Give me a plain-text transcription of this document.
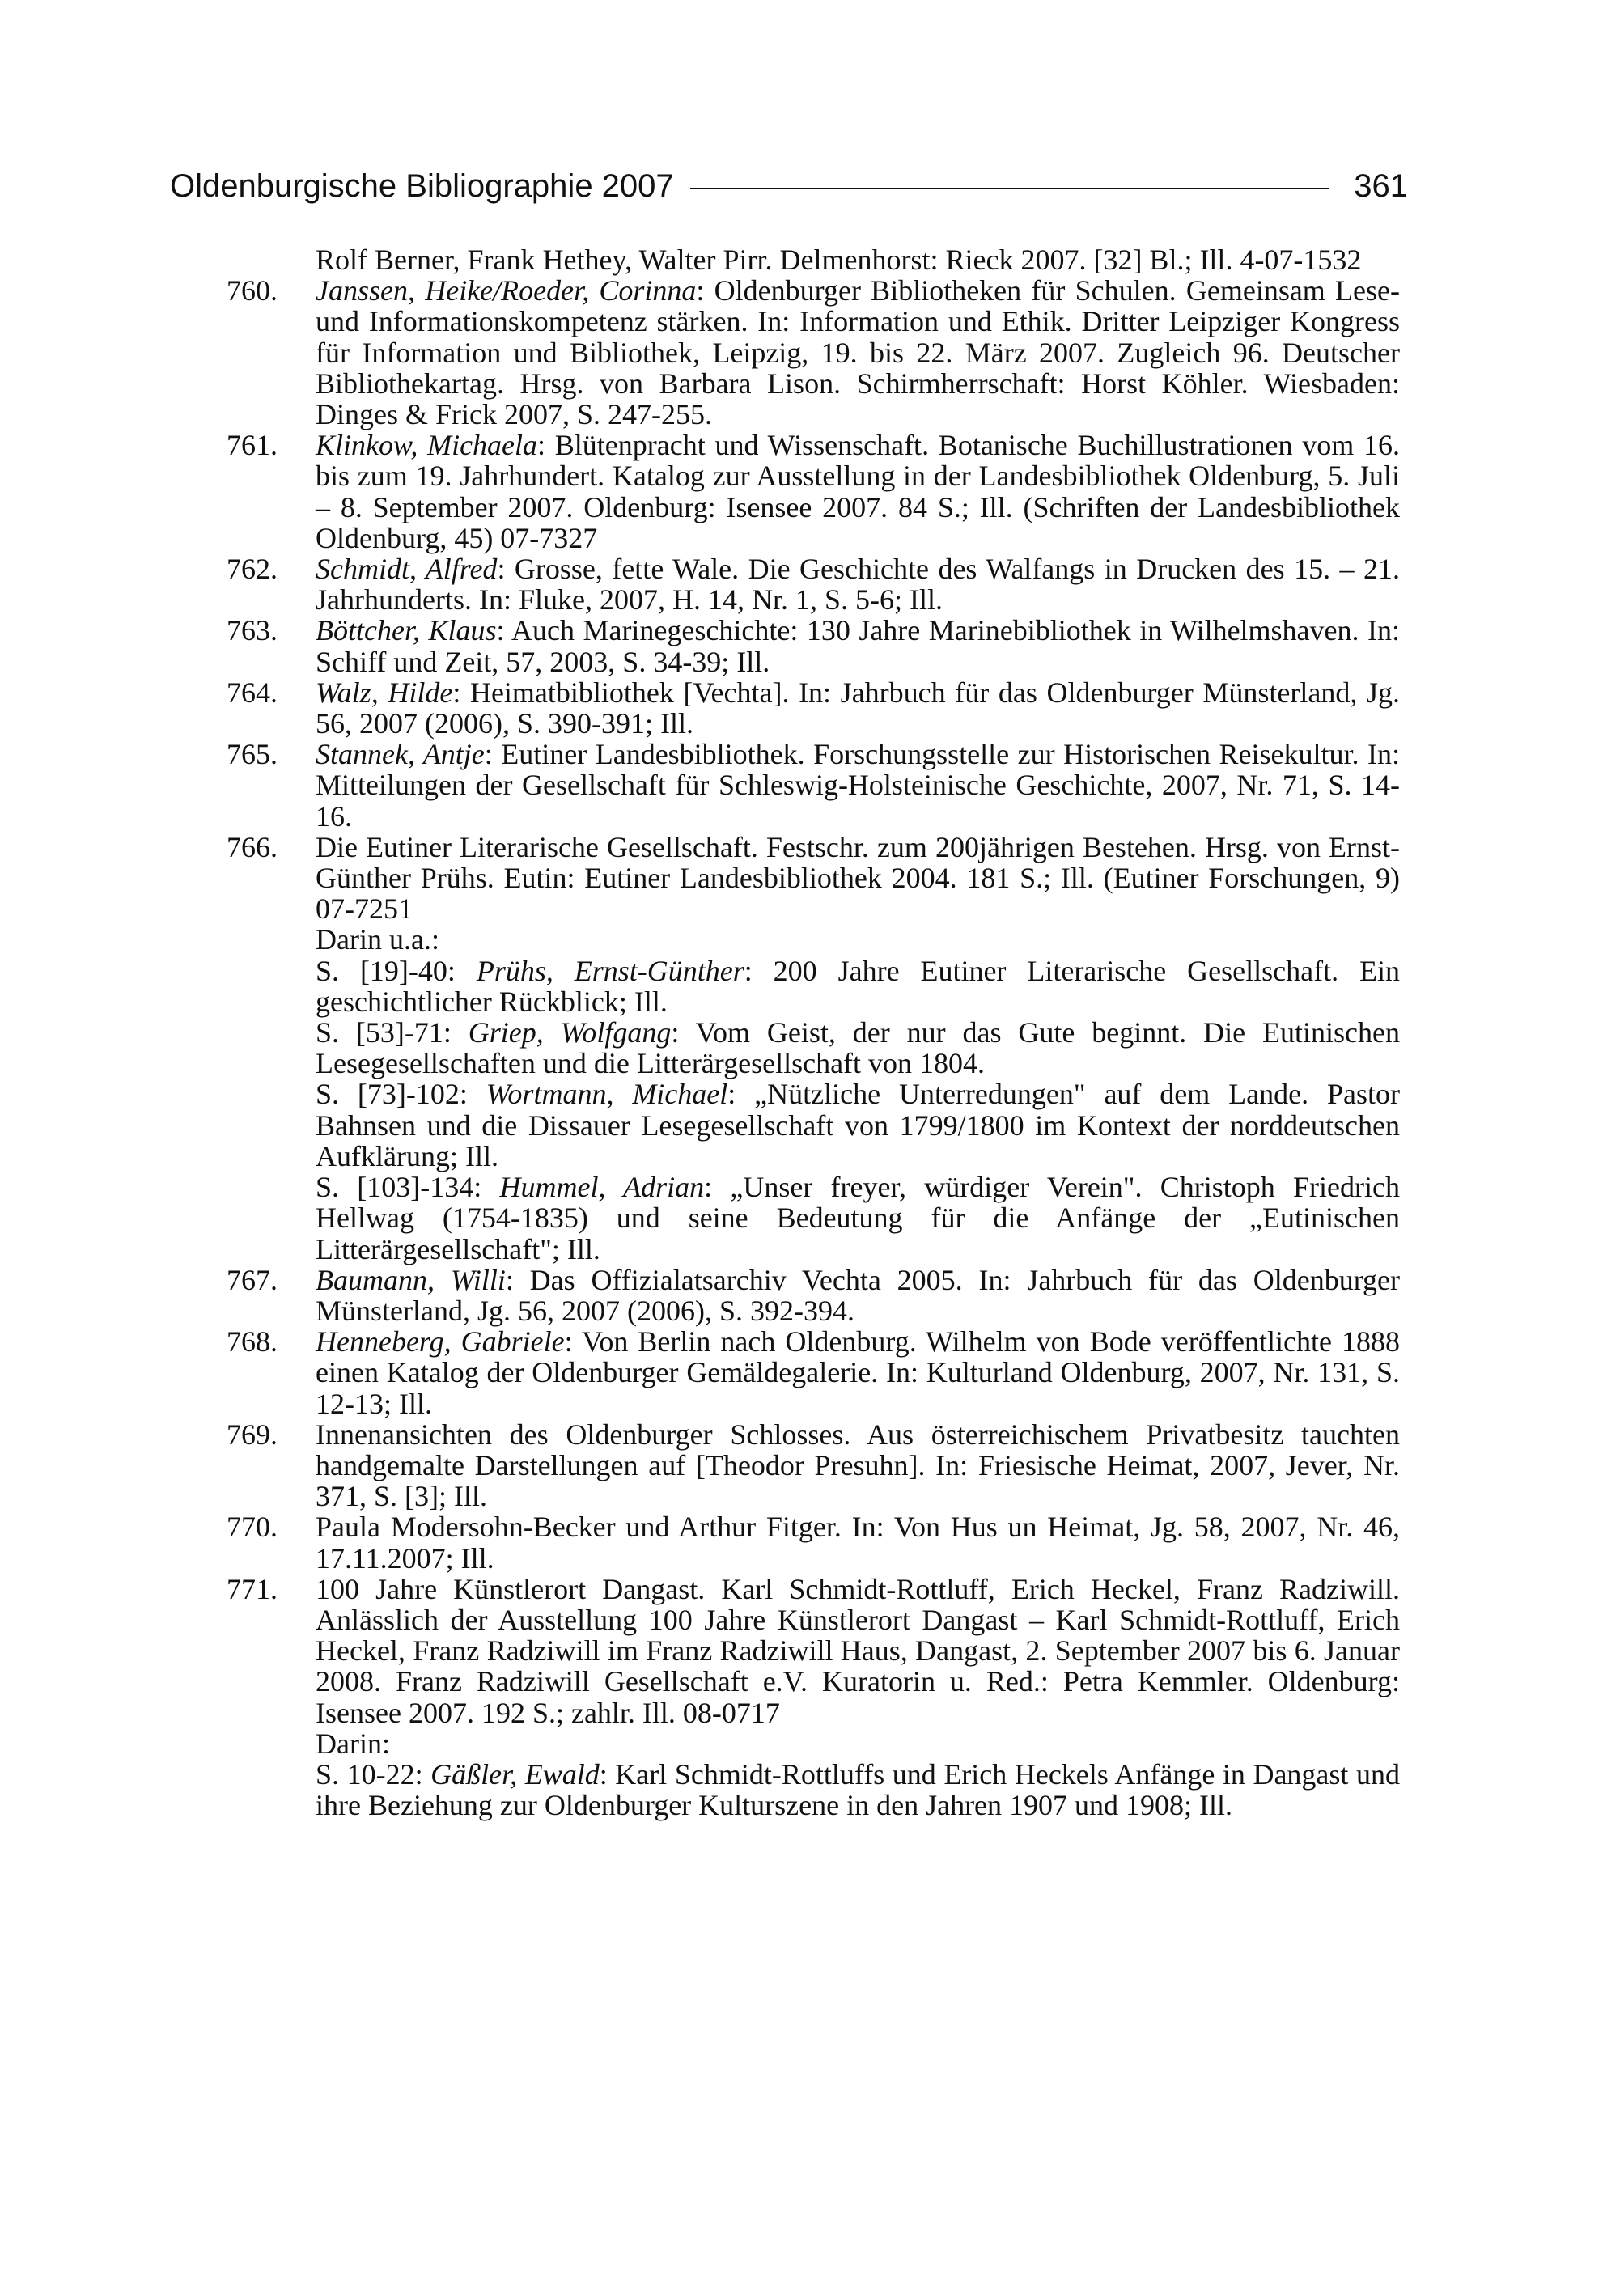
Oldenburgische Bibliographie 2007	361
Rolf Berner, Frank Hethey, Walter Pirr. Delmenhorst: Rieck 2007. [32] Bl.; Ill. 4-07-1532
760. Janssen, Heike/Roeder, Corinna: Oldenburger Bibliotheken für Schulen. Gemeinsam Lese- und Informationskompetenz stärken. In: Information und Ethik. Dritter Leipziger Kongress für Information und Bibliothek, Leipzig, 19. bis 22. März 2007. Zugleich 96. Deutscher Bibliothekartag. Hrsg. von Barbara Lison. Schirmherrschaft: Horst Köhler. Wiesbaden: Dinges & Frick 2007, S. 247-255.
761. Klinkow, Michaela: Blütenpracht und Wissenschaft. Botanische Buchillustrationen vom 16. bis zum 19. Jahrhundert. Katalog zur Ausstellung in der Landesbibliothek Oldenburg, 5. Juli – 8. September 2007. Oldenburg: Isensee 2007. 84 S.; Ill. (Schriften der Landesbibliothek Oldenburg, 45) 07-7327
762. Schmidt, Alfred: Grosse, fette Wale. Die Geschichte des Walfangs in Drucken des 15. – 21. Jahrhunderts. In: Fluke, 2007, H. 14, Nr. 1, S. 5-6; Ill.
763. Böttcher, Klaus: Auch Marinegeschichte: 130 Jahre Marinebibliothek in Wilhelmshaven. In: Schiff und Zeit, 57, 2003, S. 34-39; Ill.
764. Walz, Hilde: Heimatbibliothek [Vechta]. In: Jahrbuch für das Oldenburger Münsterland, Jg. 56, 2007 (2006), S. 390-391; Ill.
765. Stannek, Antje: Eutiner Landesbibliothek. Forschungsstelle zur Historischen Reisekultur. In: Mitteilungen der Gesellschaft für Schleswig-Holsteinische Geschichte, 2007, Nr. 71, S. 14-16.
766. Die Eutiner Literarische Gesellschaft. Festschr. zum 200jährigen Bestehen. Hrsg. von Ernst-Günther Prühs. Eutin: Eutiner Landesbibliothek 2004. 181 S.; Ill. (Eutiner Forschungen, 9) 07-7251
Darin u.a.:
S. [19]-40: Prühs, Ernst-Günther: 200 Jahre Eutiner Literarische Gesellschaft. Ein geschichtlicher Rückblick; Ill.
S. [53]-71: Griep, Wolfgang: Vom Geist, der nur das Gute beginnt. Die Eutinischen Lesegesellschaften und die Litterärgesellschaft von 1804.
S. [73]-102: Wortmann, Michael: „Nützliche Unterredungen" auf dem Lande. Pastor Bahnsen und die Dissauer Lesegesellschaft von 1799/1800 im Kontext der norddeutschen Aufklärung; Ill.
S. [103]-134: Hummel, Adrian: „Unser freyer, würdiger Verein". Christoph Friedrich Hellwag (1754-1835) und seine Bedeutung für die Anfänge der „Eutinischen Litterärgesellschaft"; Ill.
767. Baumann, Willi: Das Offizialatsarchiv Vechta 2005. In: Jahrbuch für das Oldenburger Münsterland, Jg. 56, 2007 (2006), S. 392-394.
768. Henneberg, Gabriele: Von Berlin nach Oldenburg. Wilhelm von Bode veröffentlichte 1888 einen Katalog der Oldenburger Gemäldegalerie. In: Kulturland Oldenburg, 2007, Nr. 131, S. 12-13; Ill.
769. Innenansichten des Oldenburger Schlosses. Aus österreichischem Privatbesitz tauchten handgemalte Darstellungen auf [Theodor Presuhn]. In: Friesische Heimat, 2007, Jever, Nr. 371, S. [3]; Ill.
770. Paula Modersohn-Becker und Arthur Fitger. In: Von Hus un Heimat, Jg. 58, 2007, Nr. 46, 17.11.2007; Ill.
771. 100 Jahre Künstlerort Dangast. Karl Schmidt-Rottluff, Erich Heckel, Franz Radziwill. Anlässlich der Ausstellung 100 Jahre Künstlerort Dangast – Karl Schmidt-Rottluff, Erich Heckel, Franz Radziwill im Franz Radziwill Haus, Dangast, 2. September 2007 bis 6. Januar 2008. Franz Radziwill Gesellschaft e.V. Kuratorin u. Red.: Petra Kemmler. Oldenburg: Isensee 2007. 192 S.; zahlr. Ill. 08-0717
Darin:
S. 10-22: Gäßler, Ewald: Karl Schmidt-Rottluffs und Erich Heckels Anfänge in Dangast und ihre Beziehung zur Oldenburger Kulturszene in den Jahren 1907 und 1908; Ill.
